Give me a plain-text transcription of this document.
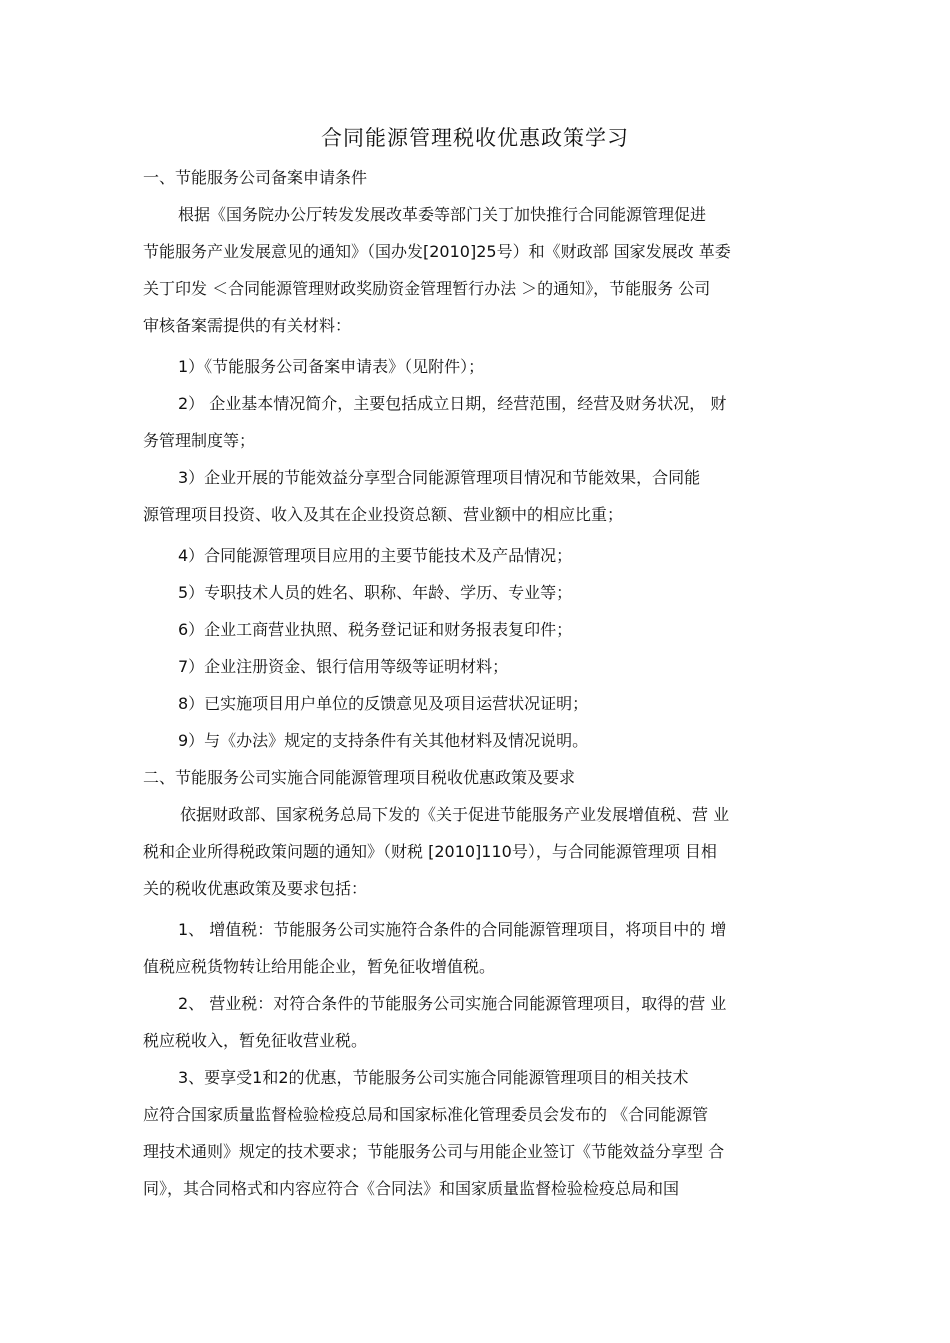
合同能源管理税收优惠政策学习
一、节能服务公司备案申请条件
根据《国务院办公厅转发发展改革委等部门关丁加快推行合同能源管理促进
节能服务产业发展意见的通知》（国办发[2010]25号）和《财政部 国家发展改 革委
关丁印发 ＜合同能源管理财政奖励资金管理暂行办法 ＞的通知》，节能服务 公司
审核备案需提供的有关材料：
1）《节能服务公司备案申请表》（见附件）；
2） 企业基本情况简介，主要包括成立日期，经营范围，经营及财务状况， 财
务管理制度等；
3）企业开展的节能效益分享型合同能源管理项目情况和节能效果，合同能
源管理项目投资、收入及其在企业投资总额、营业额中的相应比重；
4）合同能源管理项目应用的主要节能技术及产品情况；
5）专职技术人员的姓名、职称、年龄、学历、专业等；
6）企业工商营业执照、税务登记证和财务报表复印件；
7）企业注册资金、银行信用等级等证明材料；
8）已实施项目用户单位的反馈意见及项目运营状况证明；
9）与《办法》规定的支持条件有关其他材料及情况说明。
二、节能服务公司实施合同能源管理项目税收优惠政策及要求
依据财政部、国家税务总局下发的《关于促进节能服务产业发展增值税、营 业
税和企业所得税政策问题的通知》（财税 [2010]110号），与合同能源管理项 目相
关的税收优惠政策及要求包括：
1、 增值税：节能服务公司实施符合条件的合同能源管理项目，将项目中的 增
值税应税货物转让给用能企业，暂免征收增值税。
2、 营业税：对符合条件的节能服务公司实施合同能源管理项目，取得的营 业
税应税收入，暂免征收营业税。
3、要享受1和2的优惠，节能服务公司实施合同能源管理项目的相关技术
应符合国家质量监督检验检疫总局和国家标准化管理委员会发布的 《合同能源管
理技术通则》规定的技术要求；节能服务公司与用能企业签订《节能效益分享型 合
同》，其合同格式和内容应符合《合同法》和国家质量监督检验检疫总局和国
